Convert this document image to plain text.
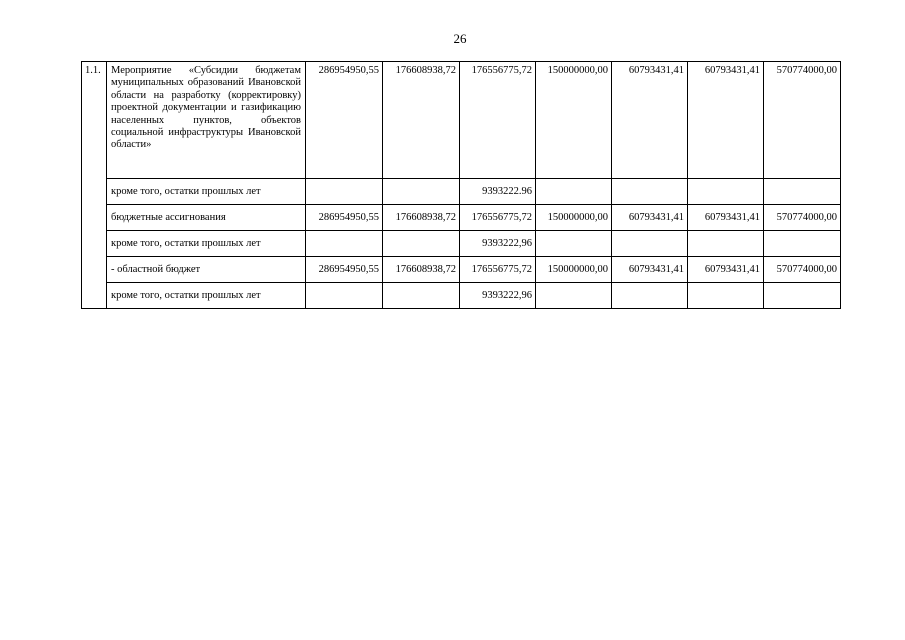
26
1.1.	Мероприятие «Субсидии бюджетам муниципальных образований Ивановской области на разработку (корректировку) проектной документации и газификацию населенных пунктов, объектов социальной инфраструктуры Ивановской области»	286954950,55	176608938,72	176556775,72	150000000,00	60793431,41	60793431,41	570774000,00
	кроме того, остатки прошлых лет			9393222.96				
	бюджетные ассигнования	286954950,55	176608938,72	176556775,72	150000000,00	60793431,41	60793431,41	570774000,00
	кроме того, остатки прошлых лет			9393222,96				
	- областной бюджет	286954950,55	176608938,72	176556775,72	150000000,00	60793431,41	60793431,41	570774000,00
	кроме того, остатки прошлых лет			9393222,96				
